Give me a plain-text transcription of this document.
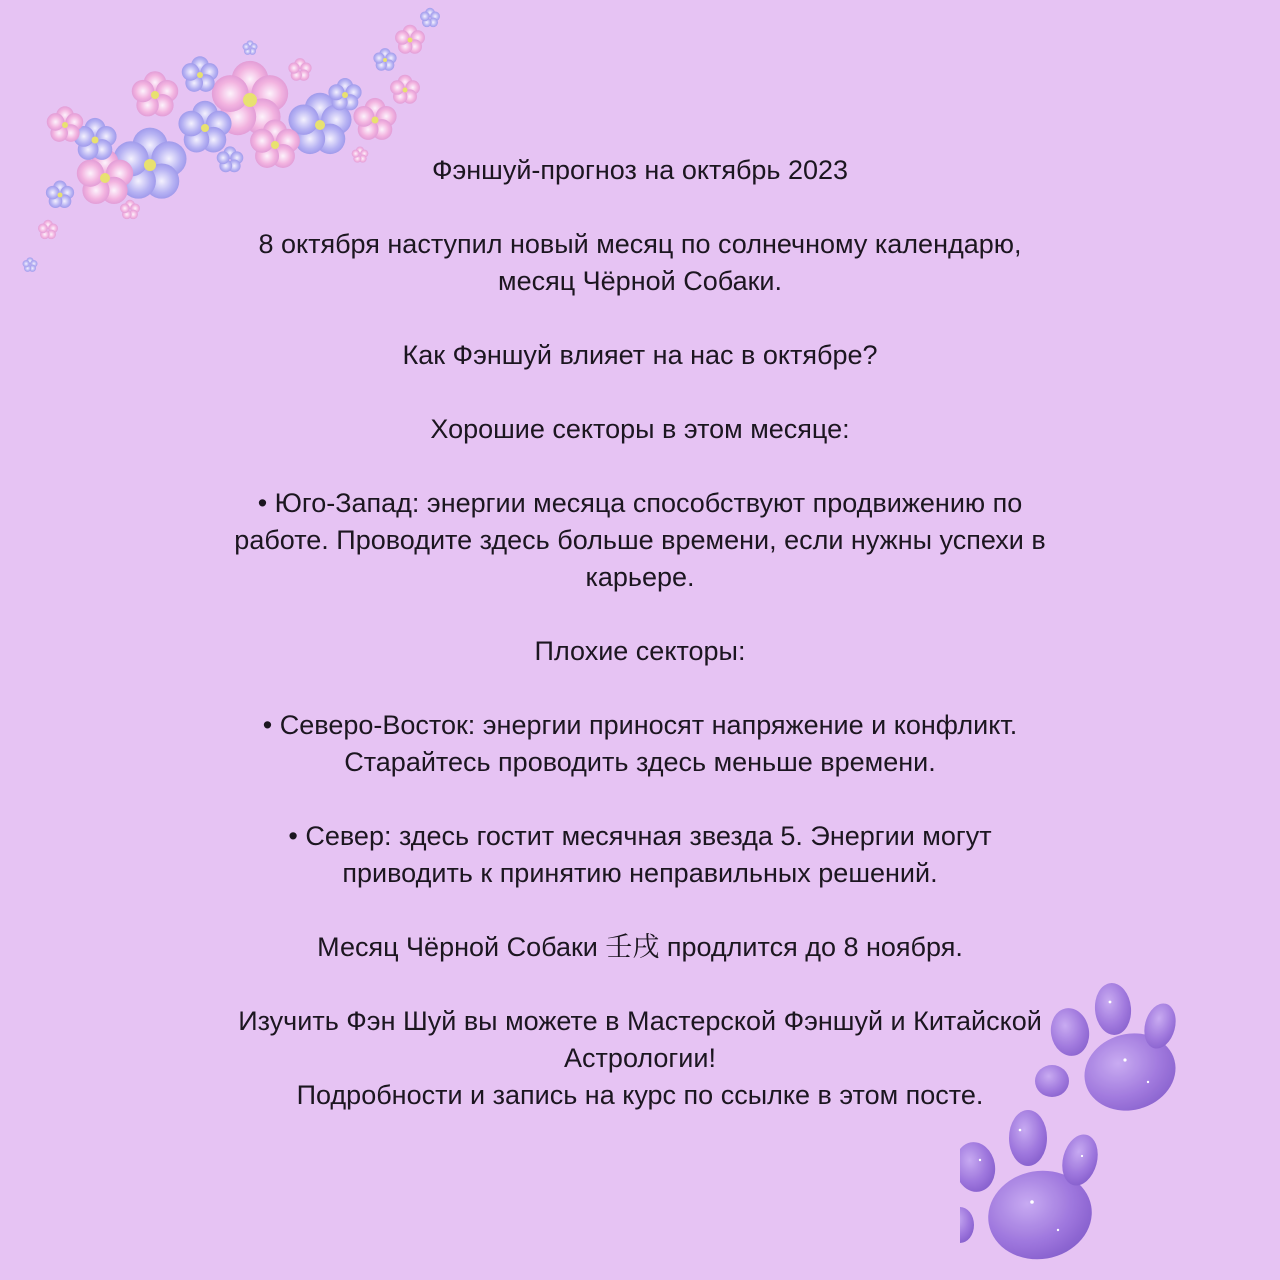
Фэншуй-прогноз на октябрь 2023

8 октября наступил новый месяц по солнечному календарю,

месяц Чёрной Собаки.

Как Фэншуй влияет на нас в октябре?

Хорошие секторы в этом месяце:

• Юго-Запад: энергии месяца способствуют продвижению по

работе. Проводите здесь больше времени, если нужны успехи в

карьере.

Плохие секторы:

• Северо-Восток: энергии приносят напряжение и конфликт.

Старайтесь проводить здесь меньше времени.

• Север: здесь гостит месячная звезда 5. Энергии могут

приводить к принятию неправильных решений.

Месяц Чёрной Собаки 壬戌 продлится до 8 ноября.

Изучить Фэн Шуй вы можете в Мастерской Фэншуй и Китайской

Астрологии!

Подробности и запись на курс по ссылке в этом посте.
